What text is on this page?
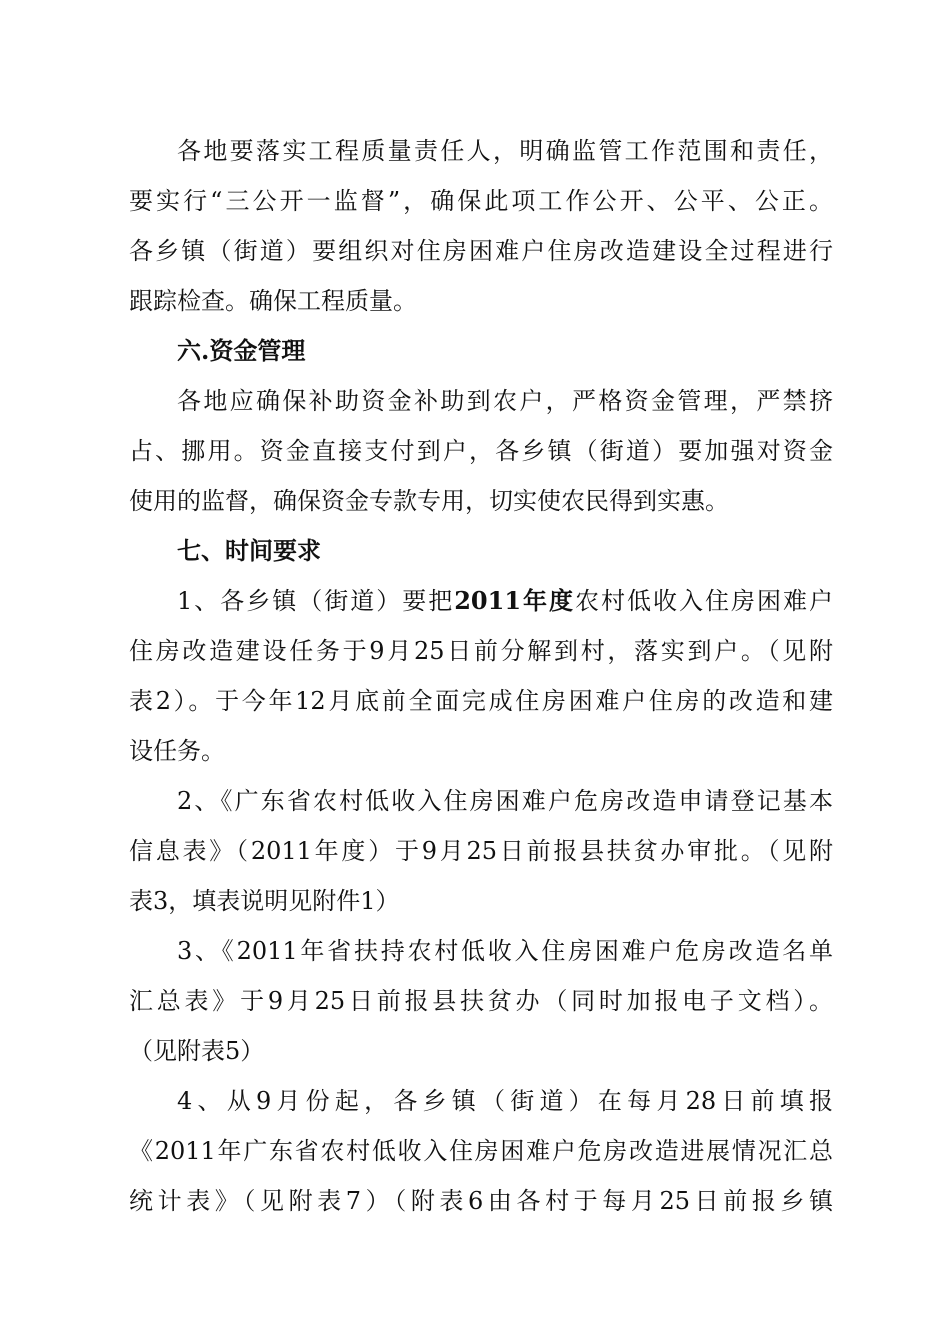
各地要落实工程质量责任人，明确监管工作范围和责任，
要实行“三公开一监督”，确保此项工作公开、公平、公正。
各乡镇（街道）要组织对住房困难户住房改造建设全过程进行
跟踪检查。确保工程质量。
六.资金管理
各地应确保补助资金补助到农户，严格资金管理，严禁挤
占、挪用。资金直接支付到户，各乡镇（街道）要加强对资金
使用的监督，确保资金专款专用，切实使农民得到实惠。
七、时间要求
1、各乡镇（街道）要把2011年度农村低收入住房困难户
住房改造建设任务于9月25日前分解到村，落实到户。（见附
表2）。于今年12月底前全面完成住房困难户住房的改造和建
设任务。
2、《广东省农村低收入住房困难户危房改造申请登记基本
信息表》（2011年度）于9月25日前报县扶贫办审批。（见附
表3，填表说明见附件1）
3、《2011年省扶持农村低收入住房困难户危房改造名单
汇总表》于9月25日前报县扶贫办（同时加报电子文档）。
（见附表5）
4、从9月份起，各乡镇（街道）在每月28日前填报
《2011年广东省农村低收入住房困难户危房改造进展情况汇总
统计表》（见附表7）（附表6由各村于每月25日前报乡镇
